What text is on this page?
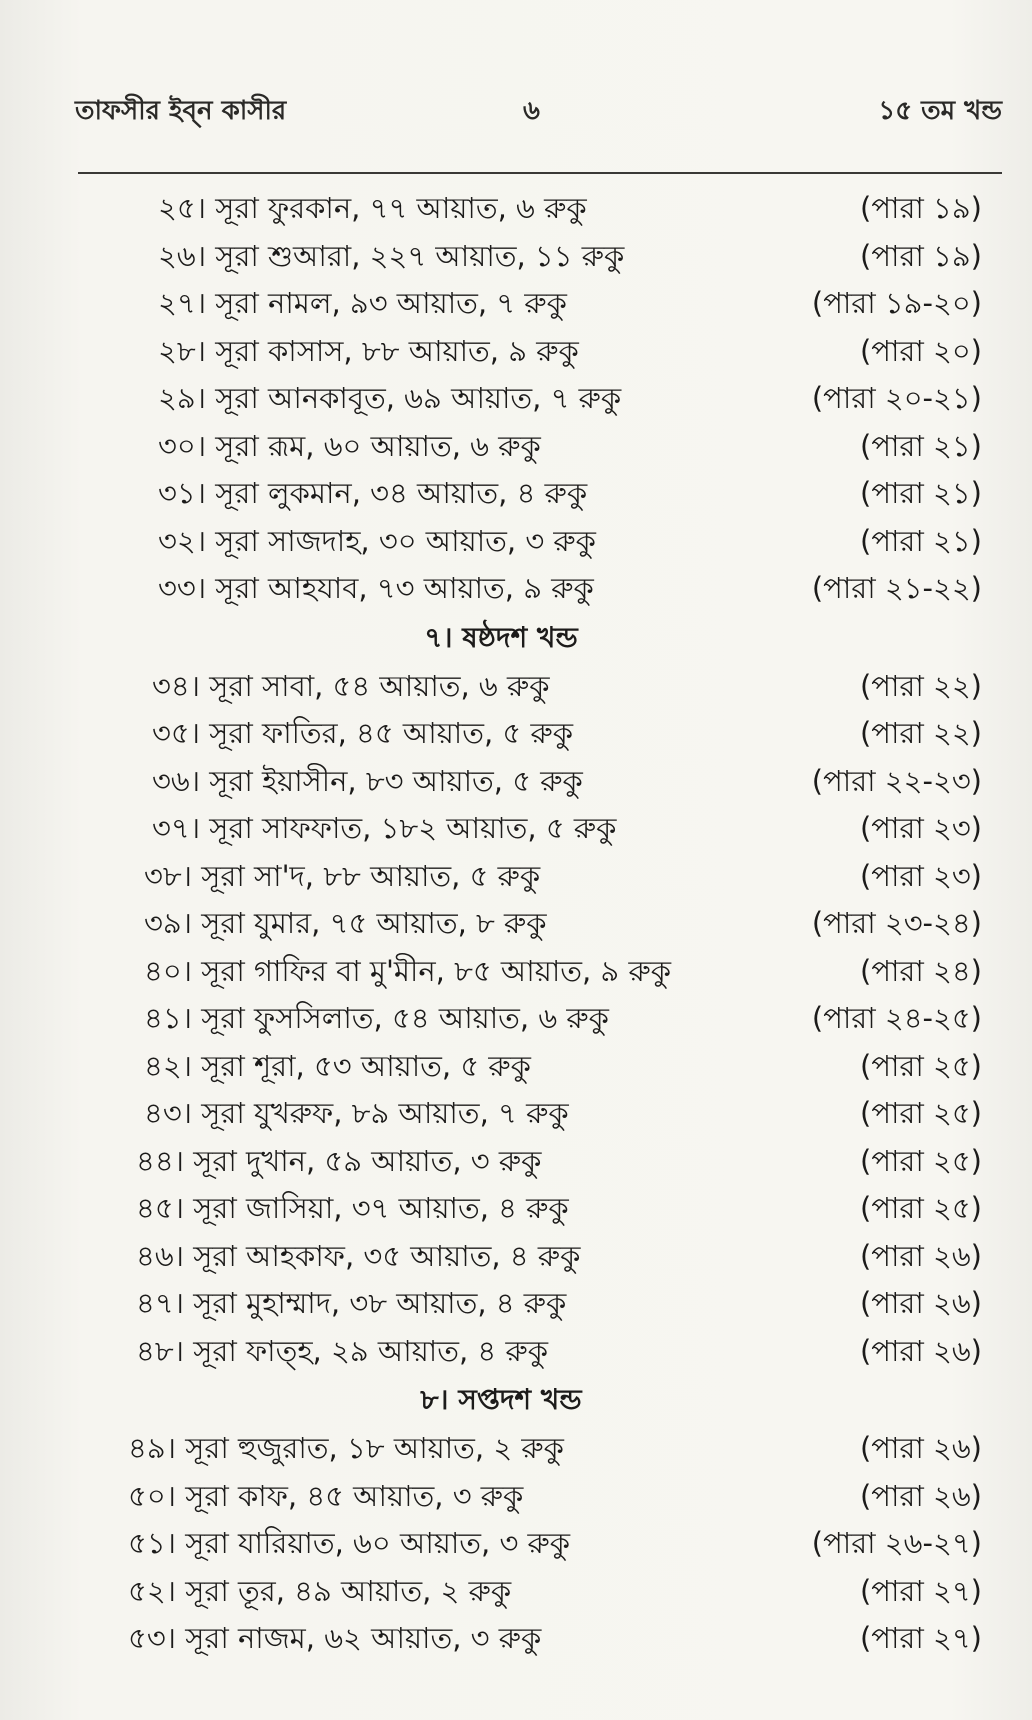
তাফসীর ইব্‌ন কাসীর	৬	১৫ তম খন্ড
২৫। সূরা ফুরকান, ৭৭ আয়াত, ৬ রুকু	(পারা ১৯)
২৬। সূরা শুআরা, ২২৭ আয়াত, ১১ রুকু	(পারা ১৯)
২৭। সূরা নামল, ৯৩ আয়াত, ৭ রুকু	(পারা ১৯-২০)
২৮। সূরা কাসাস, ৮৮ আয়াত, ৯ রুকু	(পারা ২০)
২৯। সূরা আনকাবূত, ৬৯ আয়াত, ৭ রুকু	(পারা ২০-২১)
৩০। সূরা রূম, ৬০ আয়াত, ৬ রুকু	(পারা ২১)
৩১। সূরা লুকমান, ৩৪ আয়াত, ৪ রুকু	(পারা ২১)
৩২। সূরা সাজদাহ, ৩০ আয়াত, ৩ রুকু	(পারা ২১)
৩৩। সূরা আহযাব, ৭৩ আয়াত, ৯ রুকু	(পারা ২১-২২)
৭। ষষ্ঠদশ খন্ড
৩৪। সূরা সাবা, ৫৪ আয়াত, ৬ রুকু	(পারা ২২)
৩৫। সূরা ফাতির, ৪৫ আয়াত, ৫ রুকু	(পারা ২২)
৩৬। সূরা ইয়াসীন, ৮৩ আয়াত, ৫ রুকু	(পারা ২২-২৩)
৩৭। সূরা সাফফাত, ১৮২ আয়াত, ৫ রুকু	(পারা ২৩)
৩৮। সূরা সা'দ, ৮৮ আয়াত, ৫ রুকু	(পারা ২৩)
৩৯। সূরা যুমার, ৭৫ আয়াত, ৮ রুকু	(পারা ২৩-২৪)
৪০। সূরা গাফির বা মু'মীন, ৮৫ আয়াত, ৯ রুকু	(পারা ২৪)
৪১। সূরা ফুসসিলাত, ৫৪ আয়াত, ৬ রুকু	(পারা ২৪-২৫)
৪২। সূরা শূরা, ৫৩ আয়াত, ৫ রুকু	(পারা ২৫)
৪৩। সূরা যুখরুফ, ৮৯ আয়াত, ৭ রুকু	(পারা ২৫)
৪৪। সূরা দুখান, ৫৯ আয়াত, ৩ রুকু	(পারা ২৫)
৪৫। সূরা জাসিয়া, ৩৭ আয়াত, ৪ রুকু	(পারা ২৫)
৪৬। সূরা আহকাফ, ৩৫ আয়াত, ৪ রুকু	(পারা ২৬)
৪৭। সূরা মুহাম্মাদ, ৩৮ আয়াত, ৪ রুকু	(পারা ২৬)
৪৮। সূরা ফাত্‌হ, ২৯ আয়াত, ৪ রুকু	(পারা ২৬)
৮। সপ্তদশ খন্ড
৪৯। সূরা হুজুরাত, ১৮ আয়াত, ২ রুকু	(পারা ২৬)
৫০। সূরা কাফ, ৪৫ আয়াত, ৩ রুকু	(পারা ২৬)
৫১। সূরা যারিয়াত, ৬০ আয়াত, ৩ রুকু	(পারা ২৬-২৭)
৫২। সূরা তূর, ৪৯ আয়াত, ২ রুকু	(পারা ২৭)
৫৩। সূরা নাজম, ৬২ আয়াত, ৩ রুকু	(পারা ২৭)
